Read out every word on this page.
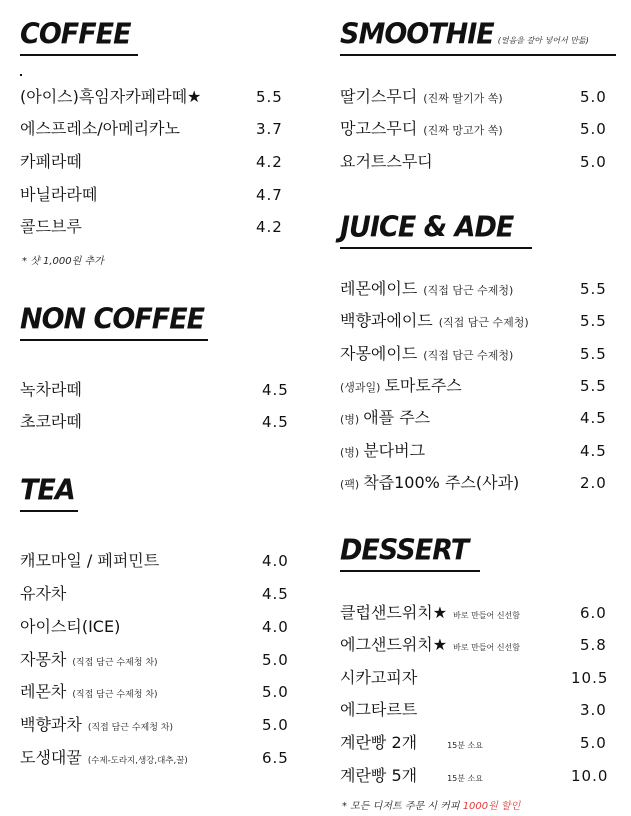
COFFEE
(아이스)흑임자카페라떼★	5.5
에스프레소/아메리카노	3.7
카페라떼	4.2
바닐라라떼	4.7
콜드브루	4.2
* 샷 1,000원 추가
NON COFFEE
녹차라떼	4.5
초코라떼	4.5
TEA
캐모마일 / 페퍼민트	4.0
유자차	4.5
아이스티(ICE)	4.0
자몽차 (직접 담근 수제청 차)	5.0
레몬차 (직접 담근 수제청 차)	5.0
백향과차 (직접 담근 수제청 차)	5.0
도생대꿀 (수제-도라지,생강,대추,꿀)	6.5
SMOOTHIE (얼음을 갈아 넣어서 만듦)
딸기스무디 (진짜 딸기가 쏙)	5.0
망고스무디 (진짜 망고가 쏙)	5.0
요거트스무디	5.0
JUICE & ADE
레몬에이드 (직접 담근 수제청)	5.5
백향과에이드 (직접 담근 수제청)	5.5
자몽에이드 (직접 담근 수제청)	5.5
(생과일) 토마토주스	5.5
(병) 애플 주스	4.5
(병) 분다버그	4.5
(팩) 착즙100% 주스(사과)	2.0
DESSERT
클럽샌드위치★ 바로 만들어 신선함	6.0
에그샌드위치★ 바로 만들어 신선함	5.8
시카고피자	10.5
에그타르트	3.0
계란빵 2개	15분 소요	5.0
계란빵 5개	15분 소요	10.0
* 모든 디저트 주문 시 커피 1000원 할인
